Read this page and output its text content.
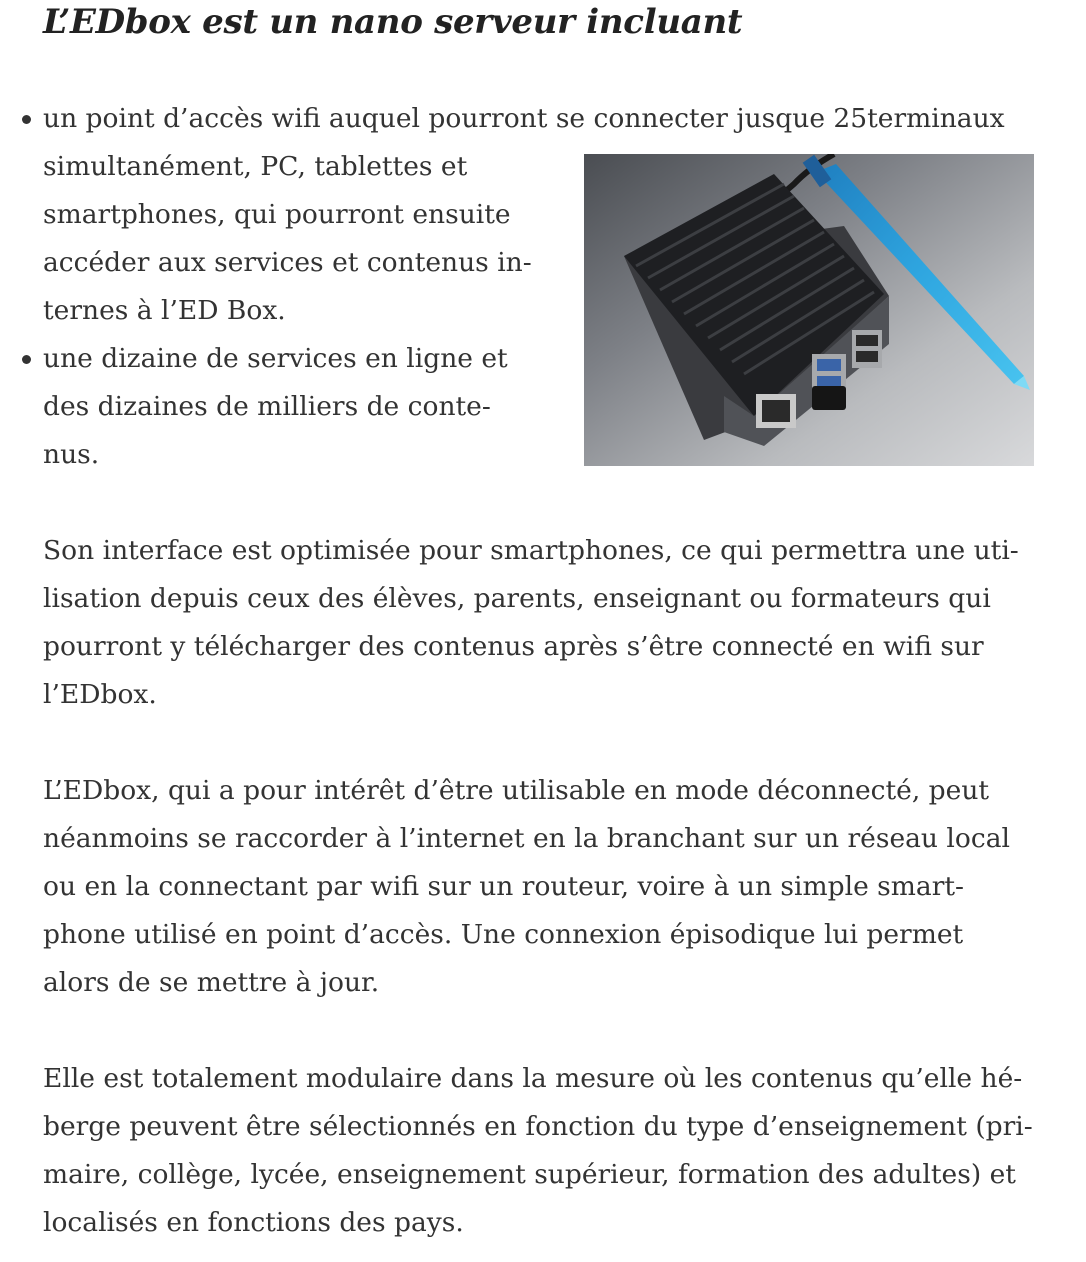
L’EDbox est un nano serveur incluant
un point d’accès wifi auquel pourront se connecter jusque 25terminaux
simultanément, PC, tablettes et
smartphones, qui pourront ensuite
accéder aux services et contenus in-
ternes à l’ED Box.
une dizaine de services en ligne et
des dizaines de milliers de conte-
nus.

Son interface est optimisée pour smartphones, ce qui permettra une uti-
lisation depuis ceux des élèves, parents, enseignant ou formateurs qui
pourront y télécharger des contenus après s’être connecté en wifi sur
l’EDbox.

L’EDbox, qui a pour intérêt d’être utilisable en mode déconnecté, peut
néanmoins se raccorder à l’internet en la branchant sur un réseau local
ou en la connectant par wifi sur un routeur, voire à un simple smart-
phone utilisé en point d’accès. Une connexion épisodique lui permet
alors de se mettre à jour.

Elle est totalement modulaire dans la mesure où les contenus qu’elle hé-
berge peuvent être sélectionnés en fonction du type d’enseignement (pri-
maire, collège, lycée, enseignement supérieur, formation des adultes) et
localisés en fonctions des pays.
